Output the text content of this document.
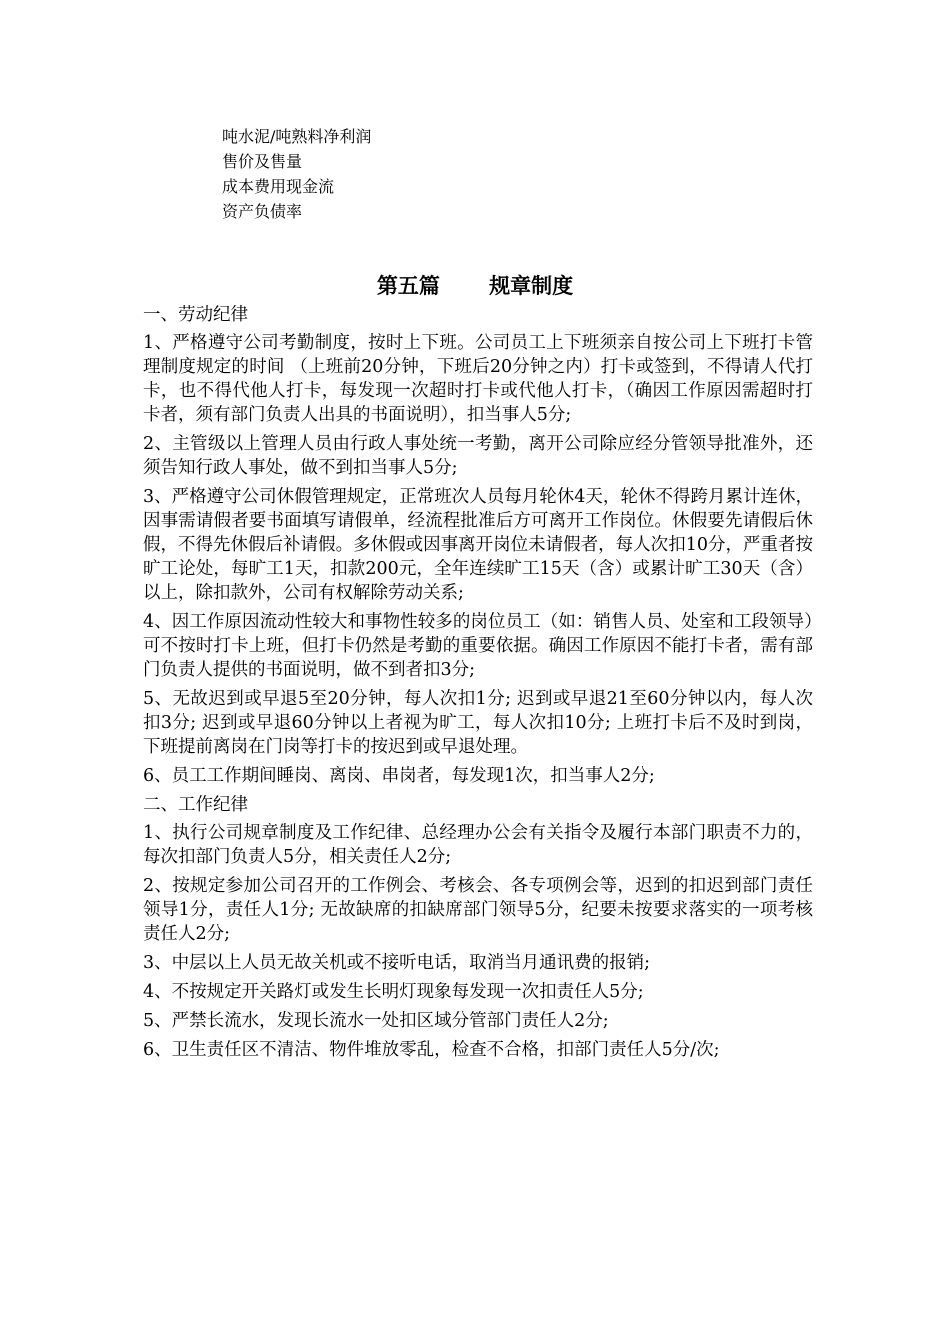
吨水泥/吨熟料净利润
售价及售量
成本费用现金流
资产负债率
第五篇　　 规章制度
一、劳动纪律
1、严格遵守公司考勤制度，按时上下班。公司员工上下班须亲自按公司上下班打卡管理制度规定的时间 （上班前20分钟，下班后20分钟之内）打卡或签到，不得请人代打卡，也不得代他人打卡，每发现一次超时打卡或代他人打卡，（确因工作原因需超时打卡者，须有部门负责人出具的书面说明），扣当事人5分;
2、主管级以上管理人员由行政人事处统一考勤，离开公司除应经分管领导批准外，还须告知行政人事处，做不到扣当事人5分;
3、严格遵守公司休假管理规定，正常班次人员每月轮休4天，轮休不得跨月累计连休，因事需请假者要书面填写请假单，经流程批准后方可离开工作岗位。休假要先请假后休假，不得先休假后补请假。多休假或因事离开岗位未请假者，每人次扣10分，严重者按旷工论处，每旷工1天，扣款200元，全年连续旷工15天（含）或累计旷工30天（含）以上，除扣款外，公司有权解除劳动关系;
4、因工作原因流动性较大和事物性较多的岗位员工（如：销售人员、处室和工段领导）可不按时打卡上班，但打卡仍然是考勤的重要依据。确因工作原因不能打卡者，需有部门负责人提供的书面说明，做不到者扣3分;
5、无故迟到或早退5至20分钟，每人次扣1分; 迟到或早退21至60分钟以内，每人次扣3分; 迟到或早退60分钟以上者视为旷工，每人次扣10分; 上班打卡后不及时到岗，下班提前离岗在门岗等打卡的按迟到或早退处理。
6、员工工作期间睡岗、离岗、串岗者，每发现1次，扣当事人2分;
二、工作纪律
1、执行公司规章制度及工作纪律、总经理办公会有关指令及履行本部门职责不力的，每次扣部门负责人5分，相关责任人2分;
2、按规定参加公司召开的工作例会、考核会、各专项例会等，迟到的扣迟到部门责任领导1分，责任人1分; 无故缺席的扣缺席部门领导5分，纪要未按要求落实的一项考核责任人2分;
3、中层以上人员无故关机或不接听电话，取消当月通讯费的报销;
4、不按规定开关路灯或发生长明灯现象每发现一次扣责任人5分;
5、严禁长流水，发现长流水一处扣区域分管部门责任人2分;
6、卫生责任区不清洁、物件堆放零乱，检查不合格，扣部门责任人5分/次;
